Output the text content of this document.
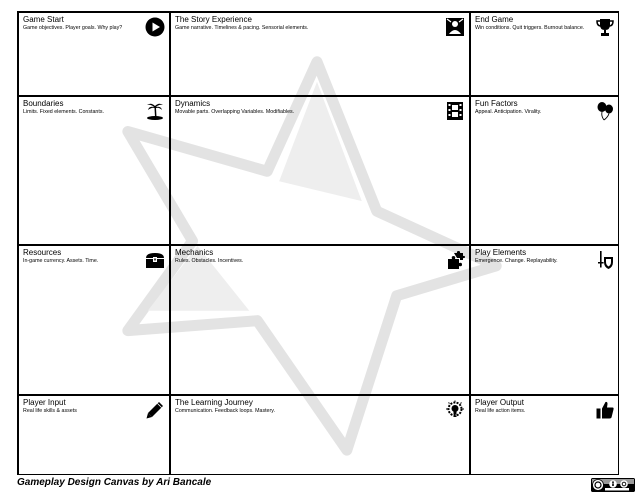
Game Start
Game objectives. Player goals. Why play?
The Story Experience
Game narrative. Timelines & pacing. Sensorial elements.
End Game
Win conditions. Quit triggers. Burnout balance.
Boundaries
Limits. Fixed elements. Constants.
Dynamics
Movable parts. Overlapping Variables. Modifiables.
Fun Factors
Appeal. Anticipation. Virality.
Resources
In-game currency. Assets. Time.
Mechanics
Rules. Obstacles. Incentives.
Play Elements
Emergence. Change. Replayability.
Player Input
Real life skills & assets
The Learning Journey
Communication. Feedback loops. Mastery.
Player Output
Real life action items.
Gameplay Design Canvas by Ari Bancale
